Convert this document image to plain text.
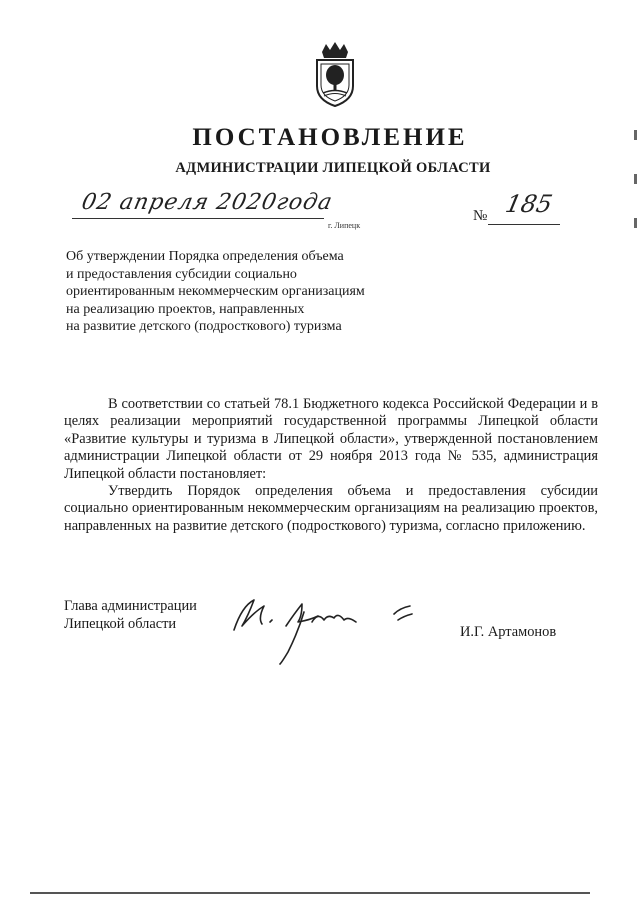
ПОСТАНОВЛЕНИЕ
АДМИНИСТРАЦИИ ЛИПЕЦКОЙ ОБЛАСТИ
02 апреля 2020года
г. Липецк
№ 185
Об утверждении Порядка определения объема
и предоставления субсидии социально
ориентированным некоммерческим организациям
на реализацию проектов, направленных
на развитие детского (подросткового) туризма

В соответствии со статьей 78.1 Бюджетного кодекса Российской Федерации и в целях реализации мероприятий государственной программы Липецкой области «Развитие культуры и туризма в Липецкой области», утвержденной постановлением администрации Липецкой области от 29 ноября 2013 года № 535, администрация Липецкой области постановляет:

Утвердить Порядок определения объема и предоставления субсидии социально ориентированным некоммерческим организациям на реализацию проектов, направленных на развитие детского (подросткового) туризма, согласно приложению.

Глава администрации
Липецкой области
И.Г. Артамонов
